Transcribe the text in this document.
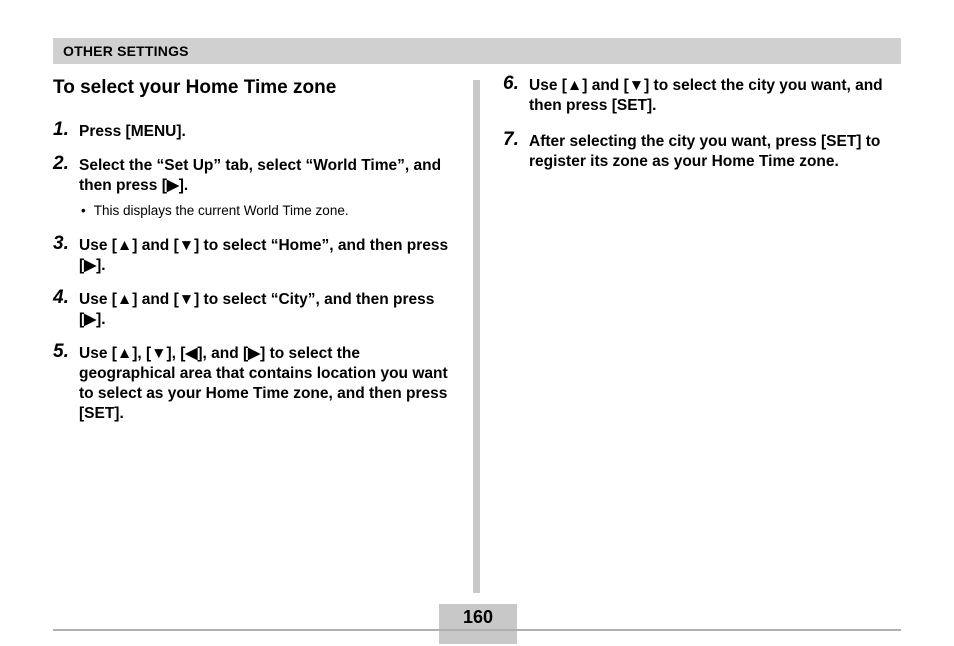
OTHER SETTINGS
To select your Home Time zone
1. Press [MENU].
2. Select the “Set Up” tab, select “World Time”, and then press [▶].
• This displays the current World Time zone.
3. Use [▲] and [▼] to select “Home”, and then press [▶].
4. Use [▲] and [▼] to select “City”, and then press [▶].
5. Use [▲], [▼], [◀], and [▶] to select the geographical area that contains location you want to select as your Home Time zone, and then press [SET].
6. Use [▲] and [▼] to select the city you want, and then press [SET].
7. After selecting the city you want, press [SET] to register its zone as your Home Time zone.
160
